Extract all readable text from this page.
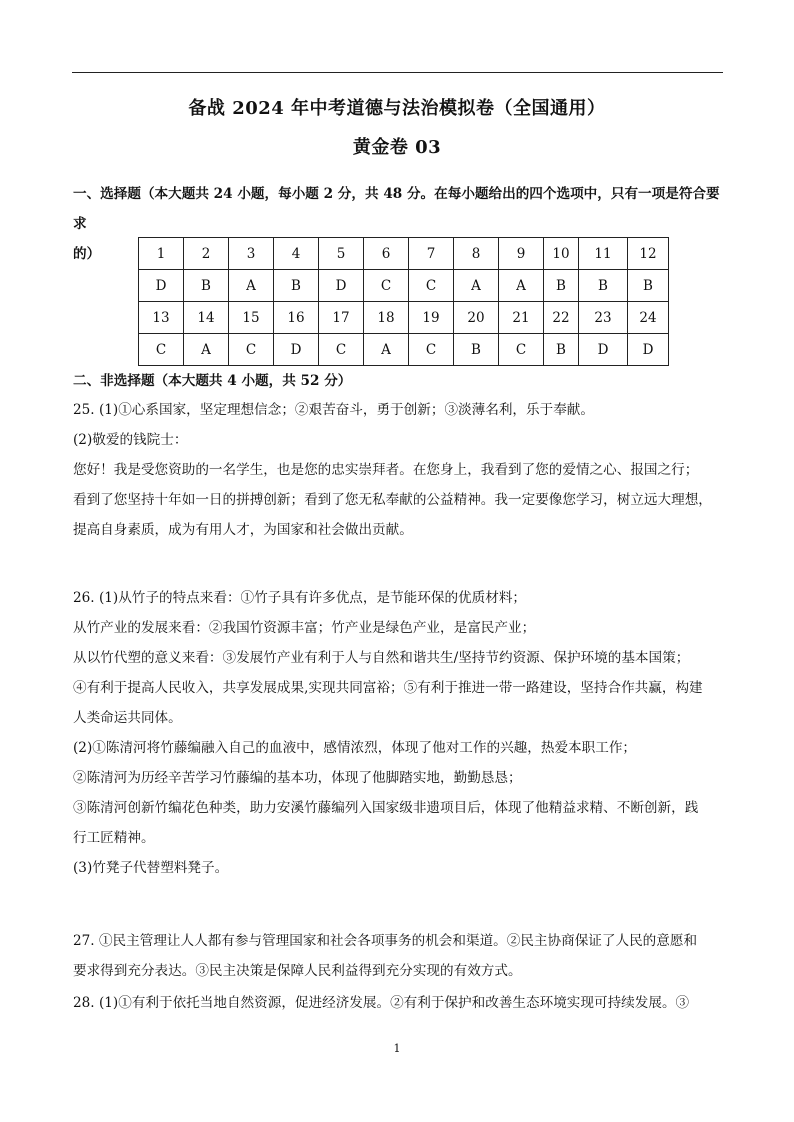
备战 2024 年中考道德与法治模拟卷（全国通用）
黄金卷 03
一、选择题（本大题共 24 小题，每小题 2 分，共 48 分。在每小题给出的四个选项中，只有一项是符合要求
的）	1	2	3	4	5	6	7	8	9	10	11	12
D	B	A	B	D	C	C	A	A	B	B	B
13	14	15	16	17	18	19	20	21	22	23	24
C	A	C	D	C	A	C	B	C	B	D	D
二、非选择题（本大题共 4 小题，共 52 分）
25. (1)①心系国家，坚定理想信念；②艰苦奋斗，勇于创新；③淡薄名利，乐于奉献。
(2)敬爱的钱院士：
您好！我是受您资助的一名学生，也是您的忠实崇拜者。在您身上，我看到了您的爱情之心、报国之行；
看到了您坚持十年如一日的拼搏创新；看到了您无私奉献的公益精神。我一定要像您学习，树立远大理想，
提高自身素质，成为有用人才，为国家和社会做出贡献。
26. (1)从竹子的特点来看：①竹子具有许多优点，是节能环保的优质材料；
从竹产业的发展来看：②我国竹资源丰富；竹产业是绿色产业，是富民产业；
从以竹代塑的意义来看：③发展竹产业有利于人与自然和谐共生/坚持节约资源、保护环境的基本国策；
④有利于提高人民收入，共享发展成果,实现共同富裕；⑤有利于推进一带一路建设，坚持合作共赢，构建
人类命运共同体。
(2)①陈清河将竹藤编融入自己的血液中，感情浓烈，体现了他对工作的兴趣，热爱本职工作；
②陈清河为历经辛苦学习竹藤编的基本功，体现了他脚踏实地，勤勤恳恳；
③陈清河创新竹编花色种类，助力安溪竹藤编列入国家级非遗项目后，体现了他精益求精、不断创新，践
行工匠精神。
(3)竹凳子代替塑料凳子。
27. ①民主管理让人人都有参与管理国家和社会各项事务的机会和渠道。②民主协商保证了人民的意愿和
要求得到充分表达。③民主决策是保障人民利益得到充分实现的有效方式。
28. (1)①有利于依托当地自然资源，促进经济发展。②有利于保护和改善生态环境实现可持续发展。③
1
